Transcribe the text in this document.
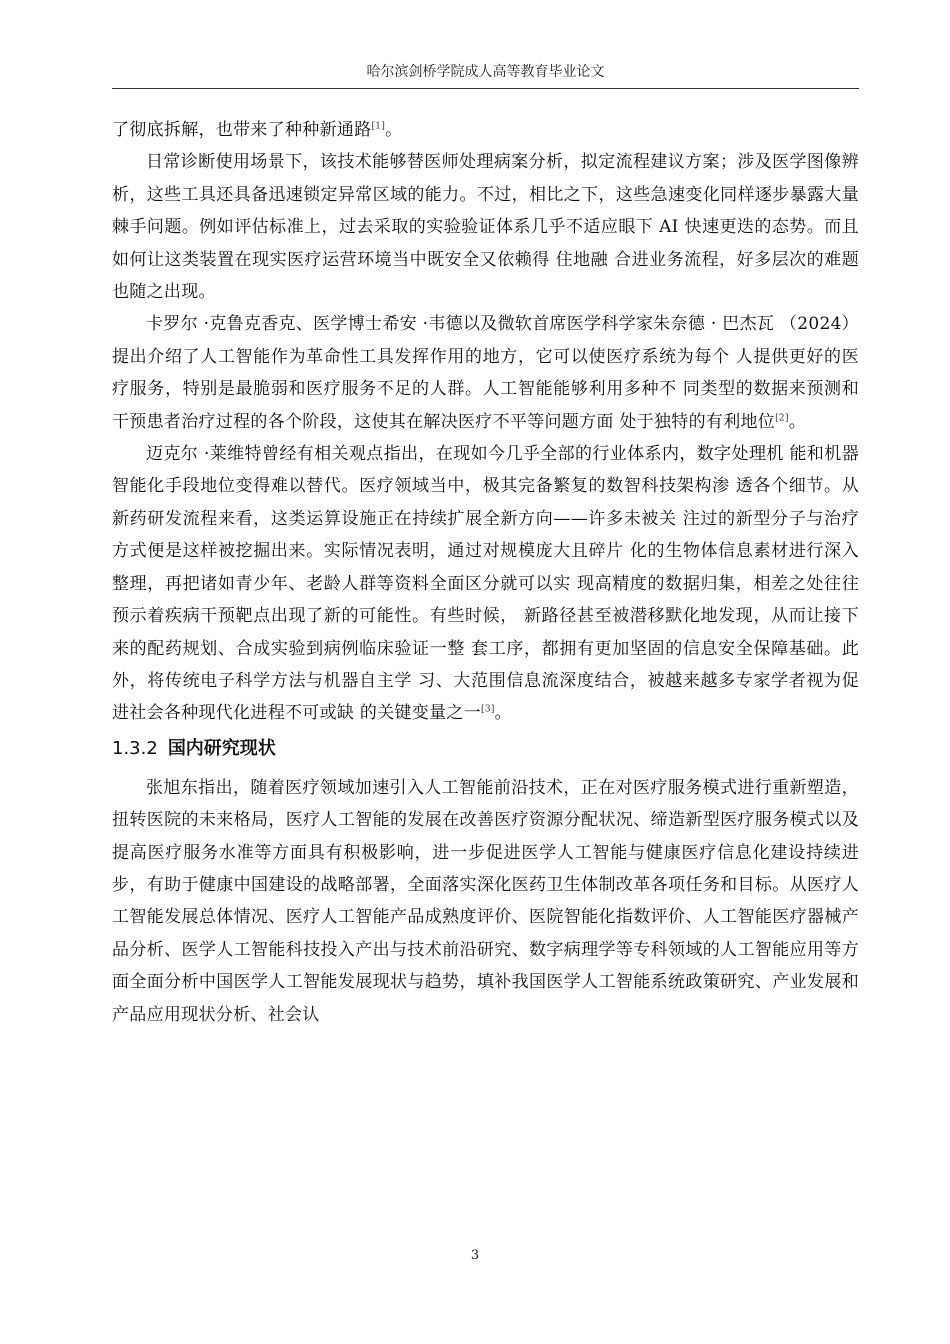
哈尔滨剑桥学院成人高等教育毕业论文

了彻底拆解，也带来了种种新通路[1]。

日常诊断使用场景下，该技术能够替医师处理病案分析，拟定流程建议方案；涉及医学图像辨析，这些工具还具备迅速锁定异常区域的能力。不过，相比之下，这些急速变化同样逐步暴露大量棘手问题。例如评估标准上，过去采取的实验验证体系几乎不适应眼下 AI 快速更迭的态势。而且如何让这类装置在现实医疗运营环境当中既安全又依赖得 住地融 合进业务流程，好多层次的难题也随之出现。

卡罗尔 ·克鲁克香克、医学博士希安 ·韦德以及微软首席医学科学家朱奈德 · 巴杰瓦 （2024）提出介绍了人工智能作为革命性工具发挥作用的地方，它可以使医疗系统为每个 人提供更好的医疗服务，特别是最脆弱和医疗服务不足的人群。人工智能能够利用多种不 同类型的数据来预测和干预患者治疗过程的各个阶段，这使其在解决医疗不平等问题方面 处于独特的有利地位[2]。

迈克尔 ·莱维特曾经有相关观点指出，在现如今几乎全部的行业体系内，数字处理机 能和机器智能化手段地位变得难以替代。医疗领域当中，极其完备繁复的数智科技架构渗 透各个细节。从新药研发流程来看，这类运算设施正在持续扩展全新方向——许多未被关 注过的新型分子与治疗方式便是这样被挖掘出来。实际情况表明，通过对规模庞大且碎片 化的生物体信息素材进行深入整理，再把诸如青少年、老龄人群等资料全面区分就可以实 现高精度的数据归集，相差之处往往预示着疾病干预靶点出现了新的可能性。有些时候， 新路径甚至被潜移默化地发现，从而让接下来的配药规划、合成实验到病例临床验证一整 套工序，都拥有更加坚固的信息安全保障基础。此外，将传统电子科学方法与机器自主学 习、大范围信息流深度结合，被越来越多专家学者视为促进社会各种现代化进程不可或缺 的关键变量之一[3]。

1.3.2 国内研究现状

张旭东指出，随着医疗领域加速引入人工智能前沿技术，正在对医疗服务模式进行重新塑造，扭转医院的未来格局，医疗人工智能的发展在改善医疗资源分配状况、缔造新型医疗服务模式以及提高医疗服务水准等方面具有积极影响，进一步促进医学人工智能与健康医疗信息化建设持续进步，有助于健康中国建设的战略部署，全面落实深化医药卫生体制改革各项任务和目标。从医疗人工智能发展总体情况、医疗人工智能产品成熟度评价、医院智能化指数评价、人工智能医疗器械产品分析、医学人工智能科技投入产出与技术前沿研究、数字病理学等专科领域的人工智能应用等方面全面分析中国医学人工智能发展现状与趋势，填补我国医学人工智能系统政策研究、产业发展和产品应用现状分析、社会认

3
